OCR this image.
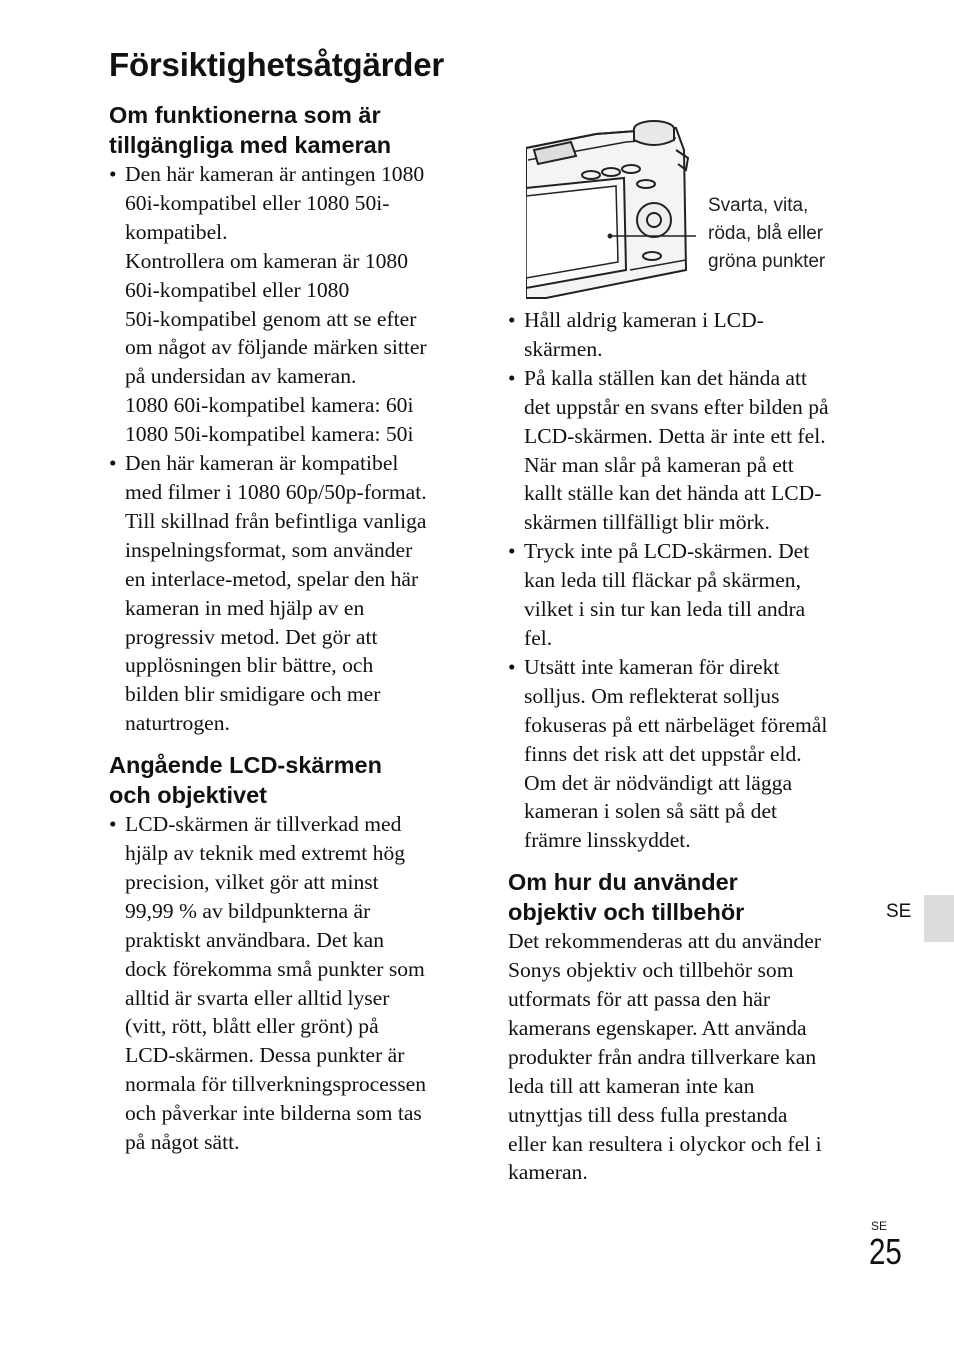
Försiktighetsåtgärder
Om funktionerna som är
tillgängliga med kameran
• Den här kameran är antingen 1080
60i-kompatibel eller 1080 50i-
kompatibel.
Kontrollera om kameran är 1080
60i-kompatibel eller 1080
50i-kompatibel genom att se efter
om något av följande märken sitter
på undersidan av kameran.
1080 60i-kompatibel kamera: 60i
1080 50i-kompatibel kamera: 50i
• Den här kameran är kompatibel
med filmer i 1080 60p/50p-format.
Till skillnad från befintliga vanliga
inspelningsformat, som använder
en interlace-metod, spelar den här
kameran in med hjälp av en
progressiv metod. Det gör att
upplösningen blir bättre, och
bilden blir smidigare och mer
naturtrogen.
Angående LCD-skärmen
och objektivet
• LCD-skärmen är tillverkad med
hjälp av teknik med extremt hög
precision, vilket gör att minst
99,99 % av bildpunkterna är
praktiskt användbara. Det kan
dock förekomma små punkter som
alltid är svarta eller alltid lyser
(vitt, rött, blått eller grönt) på
LCD-skärmen. Dessa punkter är
normala för tillverkningsprocessen
och påverkar inte bilderna som tas
på något sätt.
Svarta, vita,
röda, blå eller
gröna punkter
• Håll aldrig kameran i LCD-
skärmen.
• På kalla ställen kan det hända att
det uppstår en svans efter bilden på
LCD-skärmen. Detta är inte ett fel.
När man slår på kameran på ett
kallt ställe kan det hända att LCD-
skärmen tillfälligt blir mörk.
• Tryck inte på LCD-skärmen. Det
kan leda till fläckar på skärmen,
vilket i sin tur kan leda till andra
fel.
• Utsätt inte kameran för direkt
solljus. Om reflekterat solljus
fokuseras på ett närbeläget föremål
finns det risk att det uppstår eld.
Om det är nödvändigt att lägga
kameran i solen så sätt på det
främre linsskyddet.
Om hur du använder
objektiv och tillbehör

Det rekommenderas att du använder
Sonys objektiv och tillbehör som
utformats för att passa den här
kamerans egenskaper. Att använda
produkter från andra tillverkare kan
leda till att kameran inte kan
utnyttjas till dess fulla prestanda
eller kan resultera i olyckor och fel i
kameran.

SE
SE
25
